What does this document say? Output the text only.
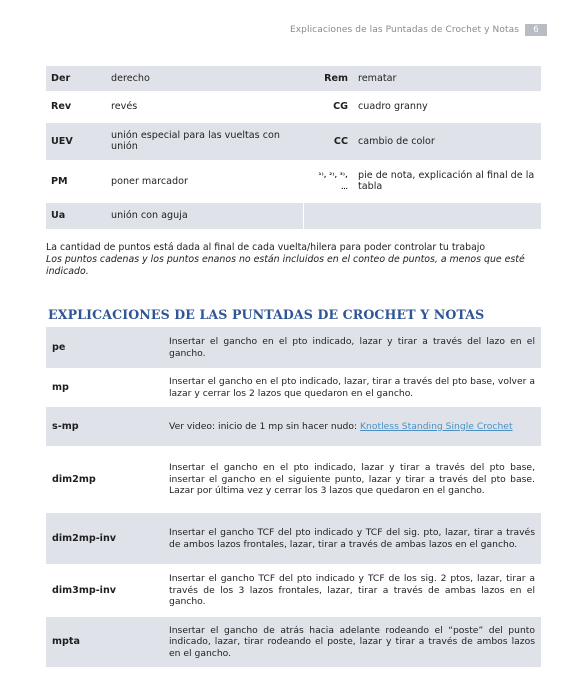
Explicaciones de las Puntadas de Crochet y Notas	6
Der	derecho	Rem	rematar
Rev	revés	CG	cuadro granny
UEV	unión especial para las vueltas con unión	CC	cambio de color
PM	poner marcador	¹⁾, ²⁾, ³⁾, …	pie de nota, explicación al final de la tabla
Ua	unión con aguja		
La cantidad de puntos está dada al final de cada vuelta/hilera para poder controlar tu trabajo
Los puntos cadenas y los puntos enanos no están incluidos en el conteo de puntos, a menos que esté indicado.
EXPLICACIONES DE LAS PUNTADAS DE CROCHET Y NOTAS
pe	Insertar el gancho en el pto indicado, lazar y tirar a través del lazo en el gancho.
mp	Insertar el gancho en el pto indicado, lazar, tirar a través del pto base, volver a lazar y cerrar los 2 lazos que quedaron en el gancho.
s-mp	Ver video: inicio de 1 mp sin hacer nudo: Knotless Standing Single Crochet
dim2mp	Insertar el gancho en el pto indicado, lazar y tirar a través del pto base, insertar el gancho en el siguiente punto, lazar y tirar a través del pto base. Lazar por última vez y cerrar los 3 lazos que quedaron en el gancho.
dim2mp-inv	Insertar el gancho TCF del pto indicado y TCF del sig. pto, lazar, tirar a través de ambos lazos frontales, lazar, tirar a través de ambas lazos en el gancho.
dim3mp-inv	Insertar el gancho TCF del pto indicado y TCF de los sig. 2 ptos, lazar, tirar a través de los 3 lazos frontales, lazar, tirar a través de ambas lazos en el gancho.
mpta	Insertar el gancho de atrás hacia adelante rodeando el “poste” del punto indicado, lazar, tirar rodeando el poste, lazar y tirar a través de ambos lazos en el gancho.
